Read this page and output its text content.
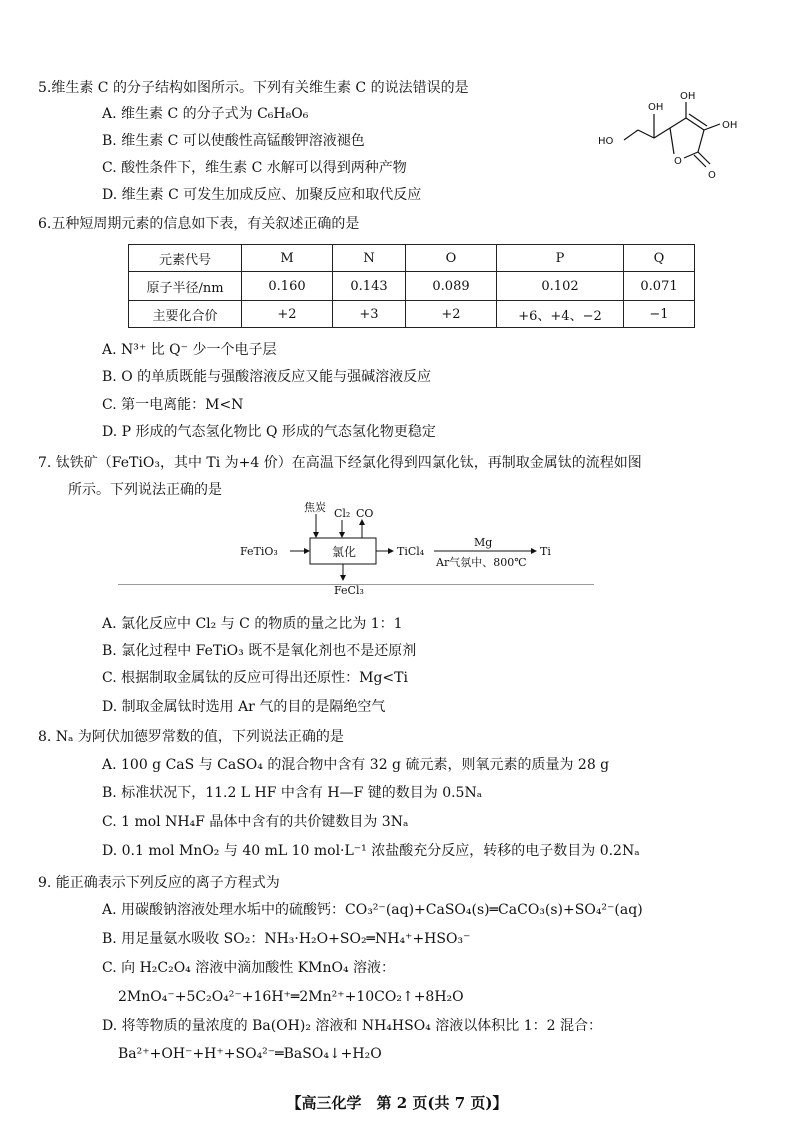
5.维生素 C 的分子结构如图所示。下列有关维生素 C 的说法错误的是
A. 维生素 C 的分子式为 C₆H₈O₆
B. 维生素 C 可以使酸性高锰酸钾溶液褪色
C. 酸性条件下，维生素 C 水解可以得到两种产物
D. 维生素 C 可发生加成反应、加聚反应和取代反应
HO
OH
OH
OH
O
O
6.五种短周期元素的信息如下表，有关叙述正确的是
元素代号	M	N	O	P	Q
原子半径/nm	0.160	0.143	0.089	0.102	0.071
主要化合价	+2	+3	+2	+6、+4、−2	−1
A. N³⁺ 比 Q⁻ 少一个电子层
B. O 的单质既能与强酸溶液反应又能与强碱溶液反应
C. 第一电离能：M<N
D. P 形成的气态氢化物比 Q 形成的气态氢化物更稳定
7. 钛铁矿（FeTiO₃，其中 Ti 为+4 价）在高温下经氯化得到四氯化钛，再制取金属钛的流程如图
所示。下列说法正确的是
焦炭 Cl₂ CO
FeTiO₃	氯化	TiCl₄
FeCl₃
Mg
Ar气氛中、800℃
Ti
A. 氯化反应中 Cl₂ 与 C 的物质的量之比为 1：1
B. 氯化过程中 FeTiO₃ 既不是氧化剂也不是还原剂
C. 根据制取金属钛的反应可得出还原性：Mg<Ti
D. 制取金属钛时选用 Ar 气的目的是隔绝空气
8. Nₐ 为阿伏加德罗常数的值，下列说法正确的是
A. 100 g CaS 与 CaSO₄ 的混合物中含有 32 g 硫元素，则氧元素的质量为 28 g
B. 标准状况下，11.2 L HF 中含有 H—F 键的数目为 0.5Nₐ
C. 1 mol NH₄F 晶体中含有的共价键数目为 3Nₐ
D. 0.1 mol MnO₂ 与 40 mL 10 mol·L⁻¹ 浓盐酸充分反应，转移的电子数目为 0.2Nₐ
9. 能正确表示下列反应的离子方程式为
A. 用碳酸钠溶液处理水垢中的硫酸钙：CO₃²⁻(aq)+CaSO₄(s)═CaCO₃(s)+SO₄²⁻(aq)
B. 用足量氨水吸收 SO₂：NH₃·H₂O+SO₂═NH₄⁺+HSO₃⁻
C. 向 H₂C₂O₄ 溶液中滴加酸性 KMnO₄ 溶液：
2MnO₄⁻+5C₂O₄²⁻+16H⁺═2Mn²⁺+10CO₂↑+8H₂O
D. 将等物质的量浓度的 Ba(OH)₂ 溶液和 NH₄HSO₄ 溶液以体积比 1：2 混合：
Ba²⁺+OH⁻+H⁺+SO₄²⁻═BaSO₄↓+H₂O
【高三化学　第 2 页(共 7 页)】
